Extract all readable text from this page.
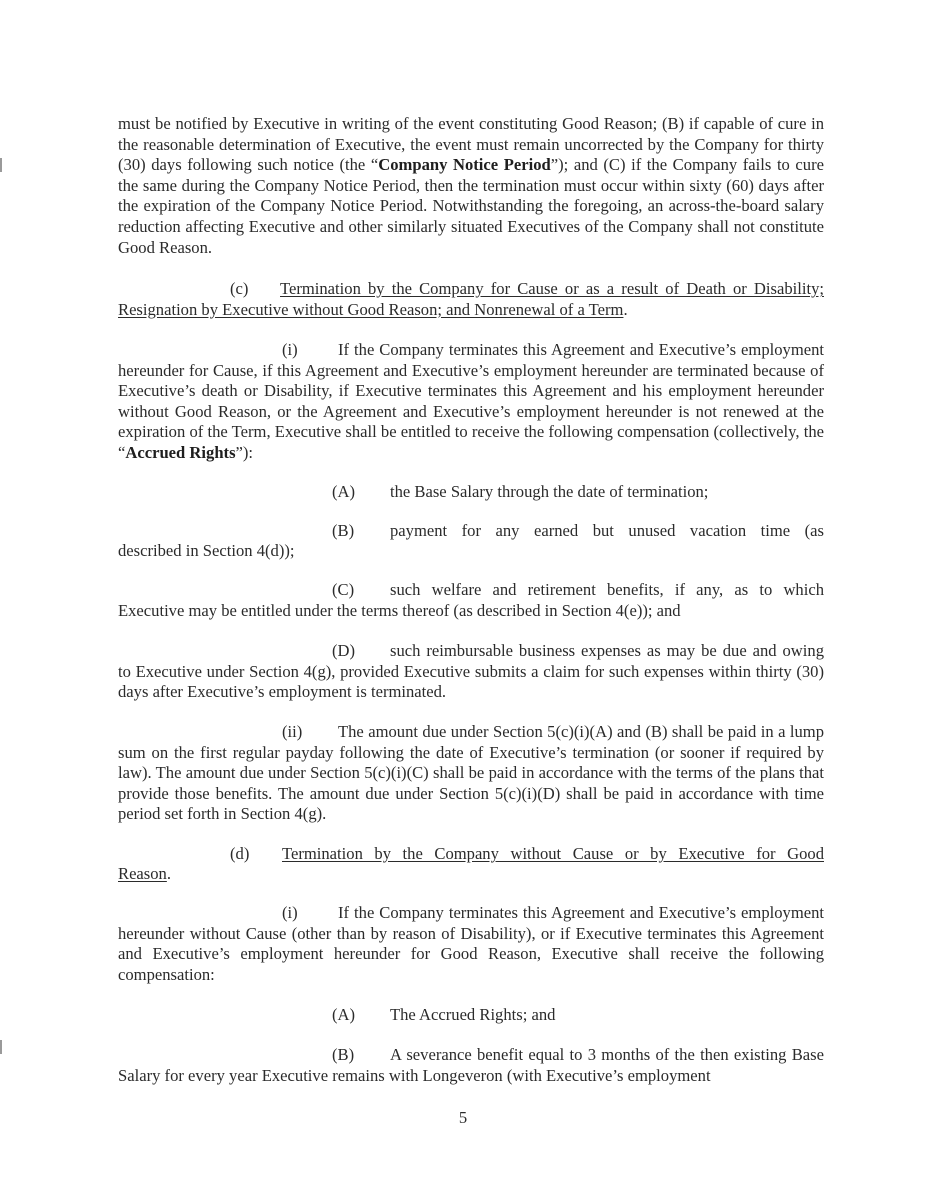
must be notified by Executive in writing of the event constituting Good Reason; (B) if capable of cure in the reasonable determination of Executive, the event must remain uncorrected by the Company for thirty (30) days following such notice (the “Company Notice Period”); and (C) if the Company fails to cure the same during the Company Notice Period, then the termination must occur within sixty (60) days after the expiration of the Company Notice Period. Notwithstanding the foregoing, an across-the-board salary reduction affecting Executive and other similarly situated Executives of the Company shall not constitute Good Reason.

(c) Termination by the Company for Cause or as a result of Death or Disability; Resignation by Executive without Good Reason; and Nonrenewal of a Term.

(i) If the Company terminates this Agreement and Executive’s employment hereunder for Cause, if this Agreement and Executive’s employment hereunder are terminated because of Executive’s death or Disability, if Executive terminates this Agreement and his employment hereunder without Good Reason, or the Agreement and Executive’s employment hereunder is not renewed at the expiration of the Term, Executive shall be entitled to receive the following compensation (collectively, the “Accrued Rights”):

(A) the Base Salary through the date of termination;
(B) payment for any earned but unused vacation time (as

described in Section 4(d));

(C) such welfare and retirement benefits, if any, as to which Executive may be entitled under the terms thereof (as described in Section 4(e)); and

(D) such reimbursable business expenses as may be due and owing to Executive under Section 4(g), provided Executive submits a claim for such expenses within thirty (30) days after Executive’s employment is terminated.

(ii) The amount due under Section 5(c)(i)(A) and (B) shall be paid in a lump sum on the first regular payday following the date of Executive’s termination (or sooner if required by law). The amount due under Section 5(c)(i)(C) shall be paid in accordance with the terms of the plans that provide those benefits. The amount due under Section 5(c)(i)(D) shall be paid in accordance with time period set forth in Section 4(g).

(d) Termination by the Company without Cause or by Executive for Good

Reason.

(i) If the Company terminates this Agreement and Executive’s employment hereunder without Cause (other than by reason of Disability), or if Executive terminates this Agreement and Executive’s employment hereunder for Good Reason, Executive shall receive the following compensation:

(A) The Accrued Rights; and

(B) A severance benefit equal to 3 months of the then existing Base Salary for every year Executive remains with Longeveron (with Executive’s employment

5
